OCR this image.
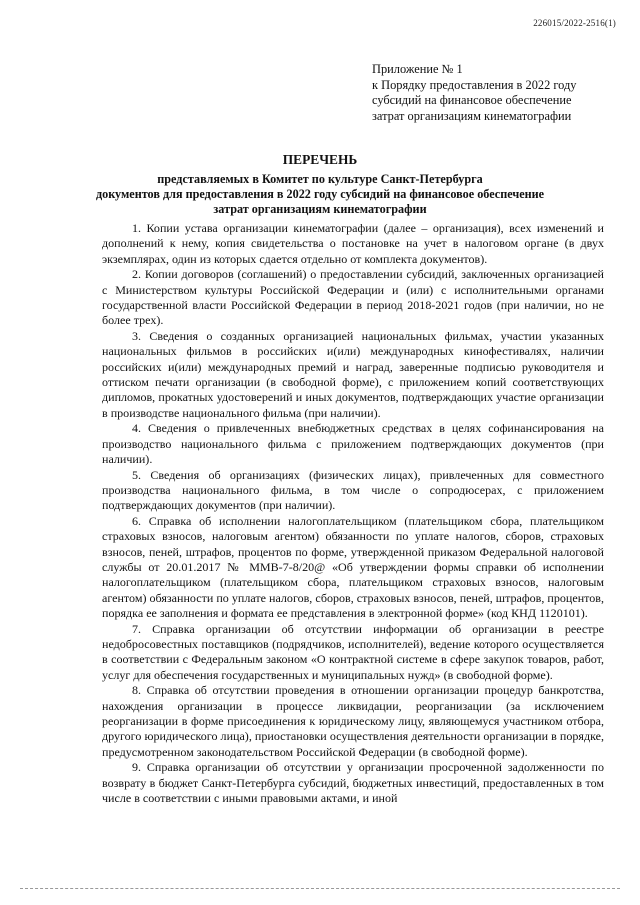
226015/2022-2516(1)
Приложение № 1
к Порядку предоставления в 2022 году
субсидий на финансовое обеспечение
затрат организациям кинематографии
ПЕРЕЧЕНЬ
представляемых в Комитет по культуре Санкт-Петербурга
документов для предоставления в 2022 году субсидий на финансовое обеспечение
затрат организациям кинематографии

1. Копии устава организации кинематографии (далее – организация), всех изменений и дополнений к нему, копия свидетельства о постановке на учет в налоговом органе (в двух экземплярах, один из которых сдается отдельно от комплекта документов).

2. Копии договоров (соглашений) о предоставлении субсидий, заключенных организацией с Министерством культуры Российской Федерации и (или) с исполнительными органами государственной власти Российской Федерации в период 2018-2021 годов (при наличии, но не более трех).

3. Сведения о созданных организацией национальных фильмах, участии указанных национальных фильмов в российских и(или) международных кинофестивалях, наличии российских и(или) международных премий и наград, заверенные подписью руководителя и оттиском печати организации (в свободной форме), с приложением копий соответствующих дипломов, прокатных удостоверений и иных документов, подтверждающих участие организации в производстве национального фильма (при наличии).

4. Сведения о привлеченных внебюджетных средствах в целях софинансирования на производство национального фильма с приложением подтверждающих документов (при наличии).

5. Сведения об организациях (физических лицах), привлеченных для совместного производства национального фильма, в том числе о сопродюсерах, с приложением подтверждающих документов (при наличии).

6. Справка об исполнении налогоплательщиком (плательщиком сбора, плательщиком страховых взносов, налоговым агентом) обязанности по уплате налогов, сборов, страховых взносов, пеней, штрафов, процентов по форме, утвержденной приказом Федеральной налоговой службы от 20.01.2017 № ММВ-7-8/20@ «Об утверждении формы справки об исполнении налогоплательщиком (плательщиком сбора, плательщиком страховых взносов, налоговым агентом) обязанности по уплате налогов, сборов, страховых взносов, пеней, штрафов, процентов, порядка ее заполнения и формата ее представления в электронной форме» (код КНД 1120101).

7. Справка организации об отсутствии информации об организации в реестре недобросовестных поставщиков (подрядчиков, исполнителей), ведение которого осуществляется в соответствии с Федеральным законом «О контрактной системе в сфере закупок товаров, работ, услуг для обеспечения государственных и муниципальных нужд» (в свободной форме).

8. Справка об отсутствии проведения в отношении организации процедур банкротства, нахождения организации в процессе ликвидации, реорганизации (за исключением реорганизации в форме присоединения к юридическому лицу, являющемуся участником отбора, другого юридического лица), приостановки осуществления деятельности организации в порядке, предусмотренном законодательством Российской Федерации (в свободной форме).

9. Справка организации об отсутствии у организации просроченной задолженности по возврату в бюджет Санкт-Петербурга субсидий, бюджетных инвестиций, предоставленных в том числе в соответствии с иными правовыми актами, и иной
